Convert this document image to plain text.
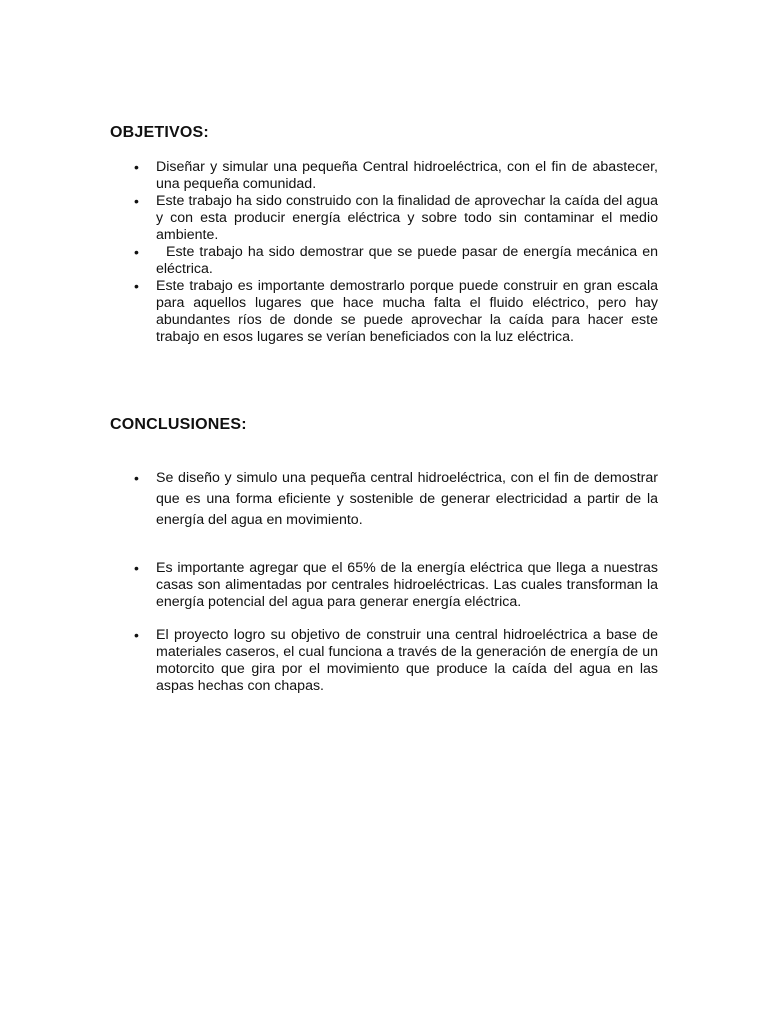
OBJETIVOS:
•	Diseñar y simular una pequeña Central hidroeléctrica, con el fin de abastecer, una pequeña comunidad.
•	Este trabajo ha sido construido con la finalidad de aprovechar la caída del agua y con esta producir energía eléctrica y sobre todo sin contaminar el medio ambiente.
•	Este trabajo ha sido demostrar que se puede pasar de energía mecánica en eléctrica.
•	Este trabajo es importante demostrarlo porque puede construir en gran escala para aquellos lugares que hace mucha falta el fluido eléctrico, pero hay abundantes ríos de donde se puede aprovechar la caída para hacer este trabajo en esos lugares se verían beneficiados con la luz eléctrica.
CONCLUSIONES:
•	Se diseño y simulo una pequeña central hidroeléctrica, con el fin de demostrar que es una forma eficiente y sostenible de generar electricidad a partir de la energía del agua en movimiento.
•	Es importante agregar que el 65% de la energía eléctrica que llega a nuestras casas son alimentadas por centrales hidroeléctricas. Las cuales transforman la energía potencial del agua para generar energía eléctrica.
•	El proyecto logro su objetivo de construir una central hidroeléctrica a base de materiales caseros, el cual funciona a través de la generación de energía de un motorcito que gira por el movimiento que produce la caída del agua en las aspas hechas con chapas.
